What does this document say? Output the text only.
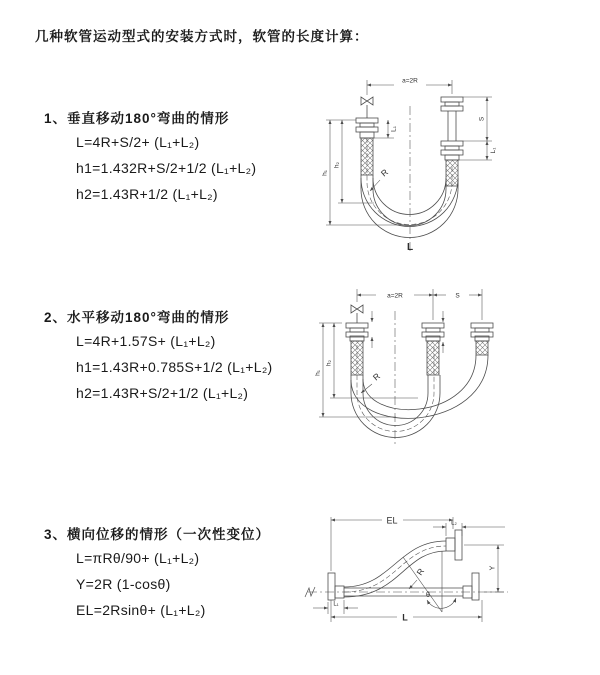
几种软管运动型式的安装方式时，软管的长度计算：
1、垂直移动180°弯曲的情形
L=4R+S/2+ (L₁+L₂)
h1=1.432R+S/2+1/2 (L₁+L₂)
h2=1.43R+1/2 (L₁+L₂)
2、水平移动180°弯曲的情形
L=4R+1.57S+ (L₁+L₂)
h1=1.43R+0.785S+1/2 (L₁+L₂)
h2=1.43R+S/2+1/2 (L₁+L₂)
3、横向位移的情形（一次性变位）
L=πRθ/90+ (L₁+L₂)
Y=2R (1-cosθ)
EL=2Rsinθ+ (L₁+L₂)
a=2R
S
L₁
L₁
h₁
h₂
R
L
a=2R	S
h₁
h₂
R
EL	L₂
Y
R
θ
L₁
L
